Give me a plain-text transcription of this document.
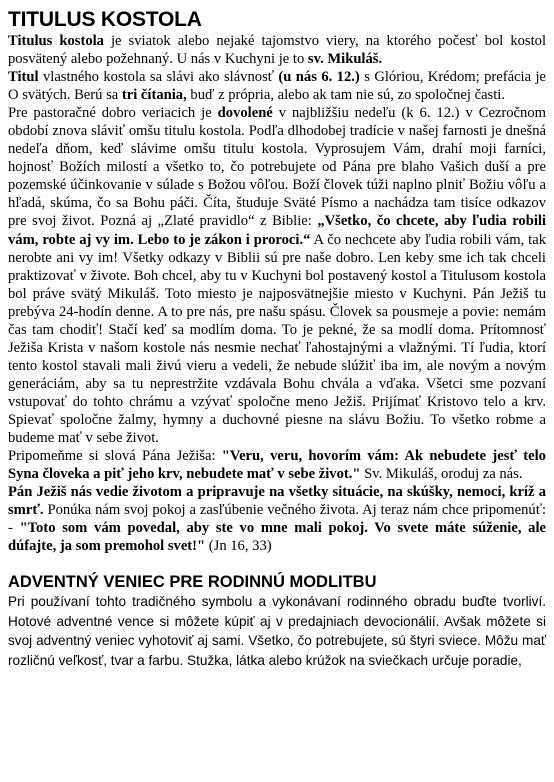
TITULUS KOSTOLA

Titulus kostola je sviatok alebo nejaké tajomstvo viery, na ktorého počesť bol kostol posvätený alebo požehnaný. U nás v Kuchyni je to sv. Mikuláš.

Titul vlastného kostola sa slávi ako slávnosť (u nás 6. 12.) s Glóriou, Krédom; prefácia je O svätých. Berú sa tri čítania, buď z própria, alebo ak tam nie sú, zo spoločnej časti.

Pre pastoračné dobro veriacich je dovolené v najbližšiu nedeľu (k 6. 12.) v Cezročnom období znova sláviť omšu titulu kostola. Podľa dlhodobej tradície v našej farnosti je dnešná nedeľa dňom, keď slávime omšu titulu kostola. Vyprosujem Vám, drahí moji farníci, hojnosť Božích milostí a všetko to, čo potrebujete od Pána pre blaho Vašich duší a pre pozemské účinkovanie v súlade s Božou vôľou. Boží človek túži naplno plniť Božiu vôľu a hľadá, skúma, čo sa Bohu páči. Číta, študuje Sväté Písmo a nachádza tam tisíce odkazov pre svoj život. Pozná aj „Zlaté pravidlo“ z Biblie: „Všetko, čo chcete, aby ľudia robili vám, robte aj vy im. Lebo to je zákon i proroci.“ A čo nechcete aby ľudia robili vám, tak nerobte ani vy im! Všetky odkazy v Biblii sú pre naše dobro. Len keby sme ich tak chceli praktizovať v živote. Boh chcel, aby tu v Kuchyni bol postavený kostol a Titulusom kostola bol práve svätý Mikuláš. Toto miesto je najposvätnejšie miesto v Kuchyni. Pán Ježiš tu prebýva 24-hodín denne. A to pre nás, pre našu spásu. Človek sa pousmeje a povie: nemám čas tam chodiť! Stačí keď sa modlím doma. To je pekné, že sa modlí doma. Prítomnosť Ježiša Krista v našom kostole nás nesmie nechať ľahostajnými a vlažnými. Tí ľudia, ktorí tento kostol stavali mali živú vieru a vedeli, že nebude slúžiť iba im, ale novým a novým generáciám, aby sa tu neprestržite vzdávala Bohu chvála a vďaka. Všetci sme pozvaní vstupovať do tohto chrámu a vzývať spoločne meno Ježiš. Prijímať Kristovo telo a krv. Spievať spoločne žalmy, hymny a duchovné piesne na slávu Božiu. To všetko robme a budeme mať v sebe život.

Pripomeňme si slová Pána Ježiša: "Veru, veru, hovorím vám: Ak nebudete jesť telo Syna človeka a piť jeho krv, nebudete mať v sebe život." Sv. Mikuláš, oroduj za nás.

Pán Ježiš nás vedie životom a pripravuje na všetky situácie, na skúšky, nemoci, kríž a smrť. Ponúka nám svoj pokoj a zasľúbenie večného života. Aj teraz nám chce pripomenúť: - "Toto som vám povedal, aby ste vo mne mali pokoj. Vo svete máte súženie, ale dúfajte, ja som premohol svet!" (Jn 16, 33)

ADVENTNÝ VENIEC PRE RODINNÚ MODLITBU

Pri používaní tohto tradičného symbolu a vykonávaní rodinného obradu buďte tvorliví. Hotové adventné vence si môžete kúpiť aj v predajniach devocionálií. Avšak môžete si svoj adventný veniec vyhotoviť aj sami. Všetko, čo potrebujete, sú štyri sviece. Môžu mať rozličnú veľkosť, tvar a farbu. Stužka, látka alebo krúžok na sviečkach určuje poradie,
